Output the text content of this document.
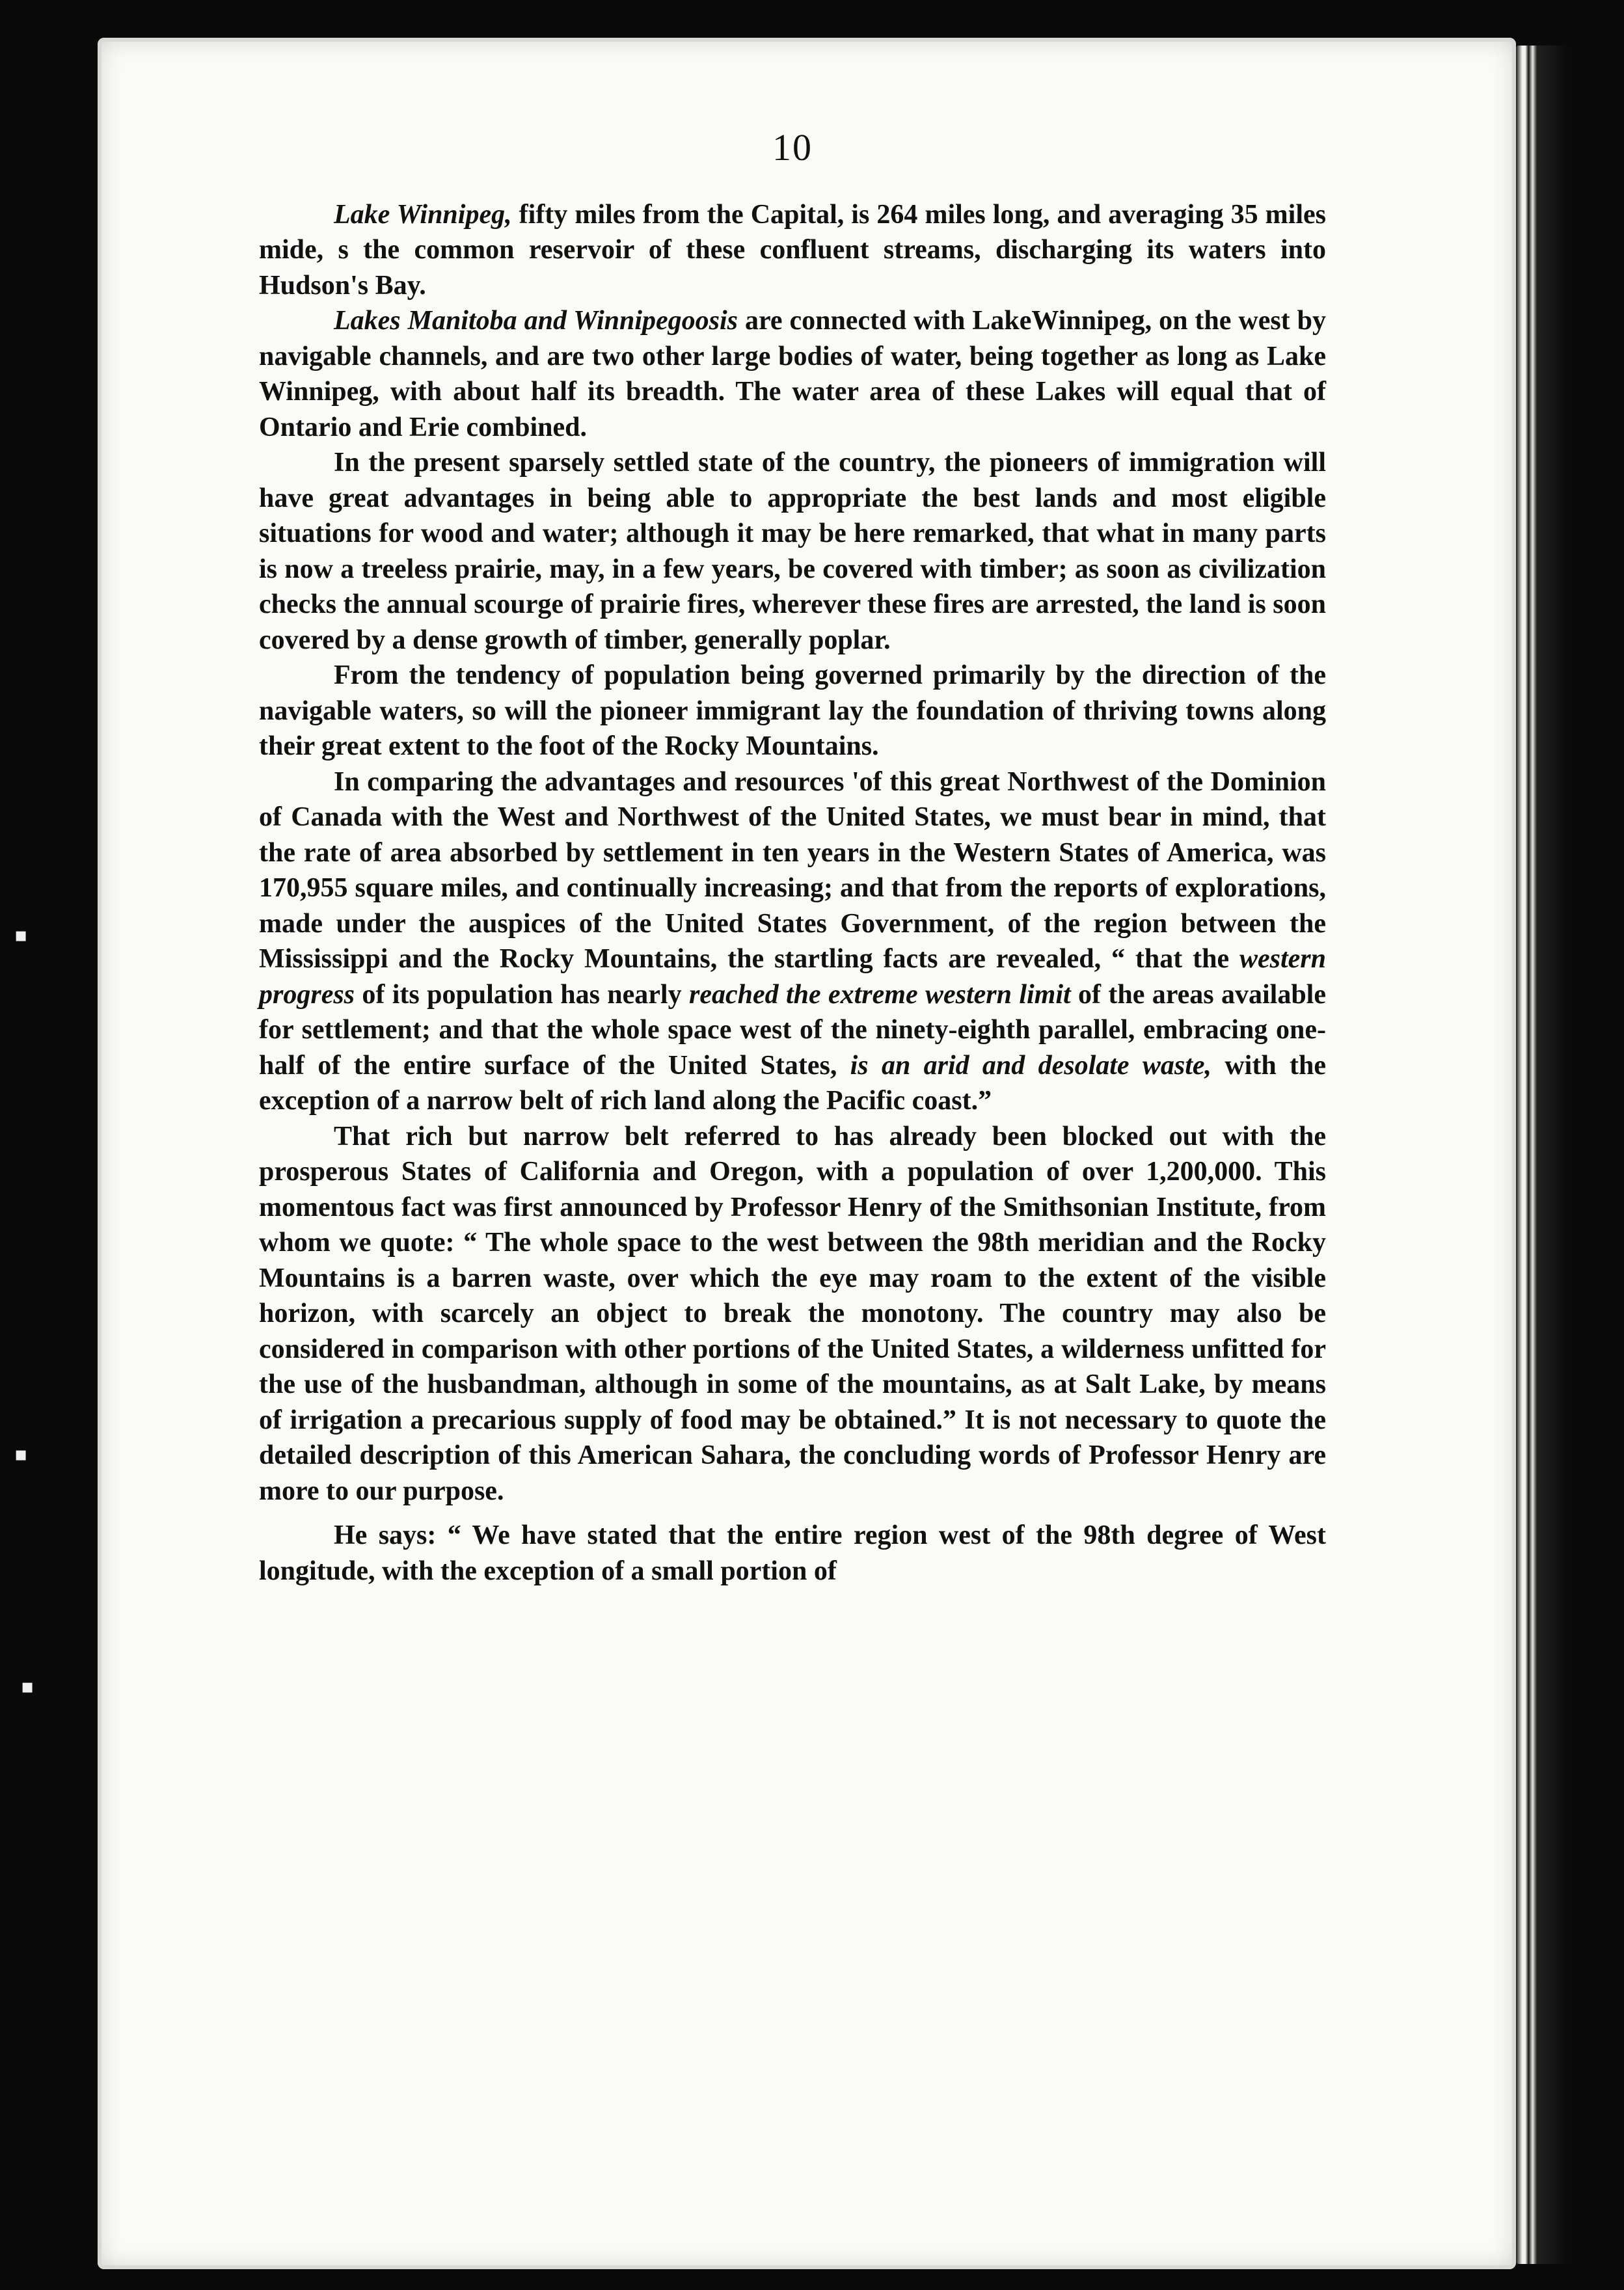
▪
▪
▪
10

Lake Winnipeg, fifty miles from the Capital, is 264 miles long, and averaging 35 miles mide, s the common reservoir of these confluent streams, discharging its waters into Hudson's Bay.

Lakes Manitoba and Winnipegoosis are connected with LakeWinnipeg, on the west by navigable channels, and are two other large bodies of water, being together as long as Lake Winnipeg, with about half its breadth. The water area of these Lakes will equal that of Ontario and Erie combined.

In the present sparsely settled state of the country, the pioneers of immigration will have great advantages in being able to appropriate the best lands and most eligible situations for wood and water; although it may be here remarked, that what in many parts is now a treeless prairie, may, in a few years, be covered with timber; as soon as civilization checks the annual scourge of prairie fires, wherever these fires are arrested, the land is soon covered by a dense growth of timber, generally poplar.

From the tendency of population being governed primarily by the direction of the navigable waters, so will the pioneer immigrant lay the foundation of thriving towns along their great extent to the foot of the Rocky Mountains.

In comparing the advantages and resources 'of this great Northwest of the Dominion of Canada with the West and Northwest of the United States, we must bear in mind, that the rate of area absorbed by settlement in ten years in the Western States of America, was 170,955 square miles, and continually increasing; and that from the reports of explorations, made under the auspices of the United States Government, of the region between the Mississippi and the Rocky Mountains, the startling facts are revealed, “ that the western progress of its population has nearly reached the extreme western limit of the areas available for settlement; and that the whole space west of the ninety-eighth parallel, embracing one-half of the entire surface of the United States, is an arid and desolate waste, with the exception of a narrow belt of rich land along the Pacific coast.”

That rich but narrow belt referred to has already been blocked out with the prosperous States of California and Oregon, with a population of over 1,200,000. This momentous fact was first announced by Professor Henry of the Smithsonian Institute, from whom we quote: “ The whole space to the west between the 98th meridian and the Rocky Mountains is a barren waste, over which the eye may roam to the extent of the visible horizon, with scarcely an object to break the monotony. The country may also be considered in comparison with other portions of the United States, a wilderness unfitted for the use of the husbandman, although in some of the mountains, as at Salt Lake, by means of irrigation a precarious supply of food may be obtained.” It is not necessary to quote the detailed description of this American Sahara, the concluding words of Professor Henry are more to our purpose.

He says: “ We have stated that the entire region west of the 98th degree of West longitude, with the exception of a small portion of
